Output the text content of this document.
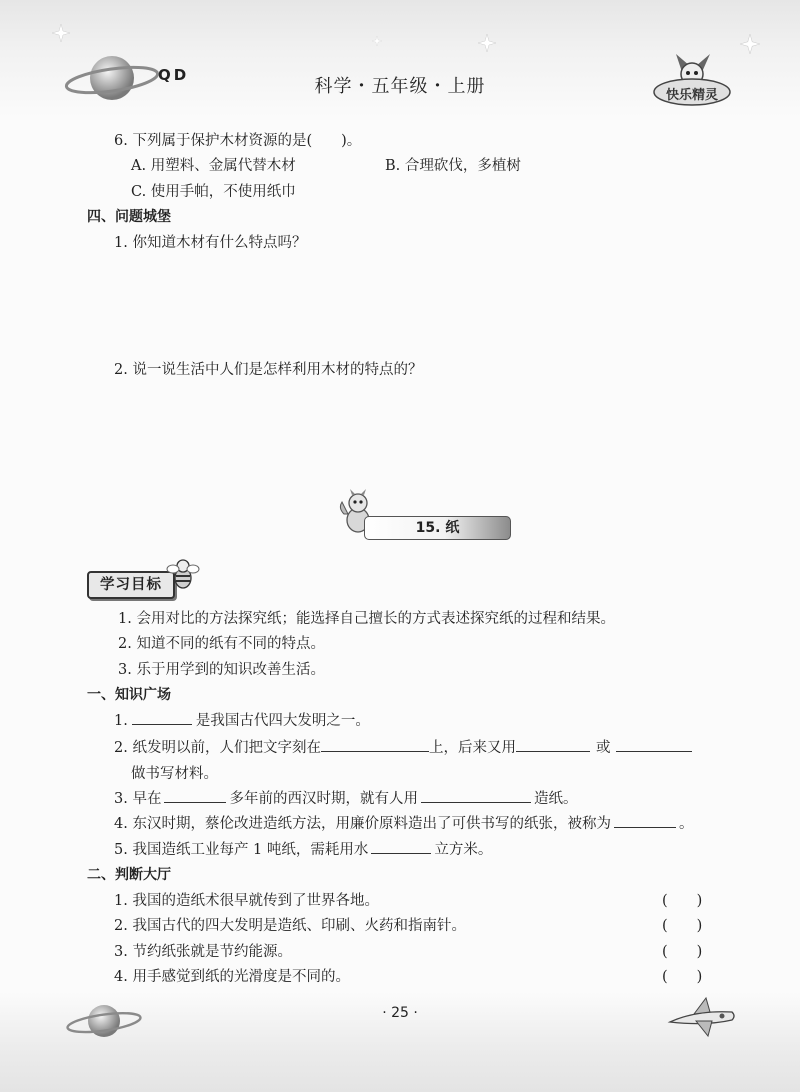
QD
科学・五年级・上册	快乐精灵
6. 下列属于保护木材资源的是(　　)。
A. 用塑料、金属代替木材	B. 合理砍伐，多植树
C. 使用手帕，不使用纸巾
四、问题城堡
1. 你知道木材有什么特点吗？
2. 说一说生活中人们是怎样利用木材的特点的？
15. 纸
学习目标
1. 会用对比的方法探究纸；能选择自己擅长的方式表述探究纸的过程和结果。
2. 知道不同的纸有不同的特点。
3. 乐于用学到的知识改善生活。
一、知识广场
1.	是我国古代四大发明之一。
2. 纸发明以前，人们把文字刻在	上，后来又用	或
做书写材料。
3. 早在	多年前的西汉时期，就有人用	造纸。
4. 东汉时期，蔡伦改进造纸方法，用廉价原料造出了可供书写的纸张，被称为	。
5. 我国造纸工业每产 1 吨纸，需耗用水	立方米。
二、判断大厅
1. 我国的造纸术很早就传到了世界各地。	(　　)
2. 我国古代的四大发明是造纸、印刷、火药和指南针。	(　　)
3. 节约纸张就是节约能源。	(　　)
4. 用手感觉到纸的光滑度是不同的。	(　　)
· 25 ·
